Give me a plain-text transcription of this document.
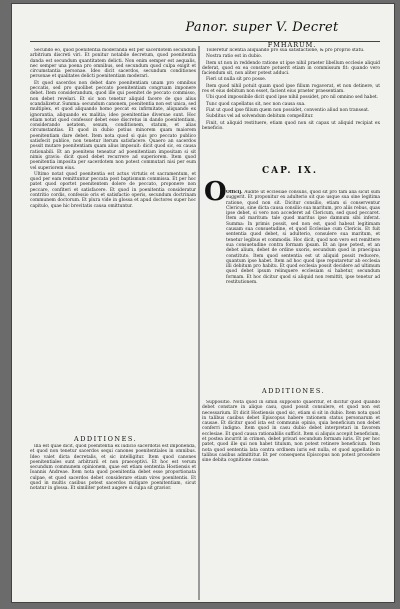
Panor. super V. Decret

Secundo eo, quod poenitentia moderanda est per sacerdotem secundum arbitrium discreti viri. Et ponitur notabile decretum, quod poenitentia danda est secundum quantitatem delicti. Non enim semper est aequalis, nec semper una poena pro omnibus, sed secundum quod culpa exigit et circumstantia personae. Ideo dicit sacerdos, secundum conditiones personae et qualitates delicti poenitentiam moderari.

Et quod sacerdos non debet dare poenitentiam unam pro omnibus peccatis, sed pro quolibet peccato poenitentiam congruam imponere debet. Item considerandum, quod ille qui poenitet de peccato commisso, non debet revelari. Et sic non tenetur aliquid facere de quo alius scandalizetur. Summa: secundum canonem, poenitentia non est unica, sed multiplex, et quod aliquando homo peccat ex infirmitate, aliquando ex ignorantia, aliquando ex malitia; ideo poenitentiae diversae sunt. Hoc etiam notat quod confessor debet esse discretus in dando poenitentiam, considerando aetatem, sexum, conditionem, statum, et alias circumstantias. Et quod in dubio potius minorem quam maiorem poenitentiam dare debet. Item nota quod si quis pro peccato publico satisfecit publice, non tenetur iterum satisfacere. Quaero an sacerdos possit mutare poenitentiam quam alius imposuit: dicit quod sic, ex causa rationabili. Et an poenitens teneatur ad poenitentiam impositam si sit nimis gravis: dicit quod debet recurrere ad superiorem. Item quod poenitentia imposita per sacerdotem non potest commutari nisi per eum vel superiorem eius.

Ultimo notat quod poenitentia est actus virtutis et sacramentum, et quod per eam remittuntur peccata post baptismum commissa. Et per hoc patet quod oportet poenitentem dolere de peccato, proponere non peccare, confiteri et satisfacere. Et quod in poenitentia consideratur contritio cordis, confessio oris et satisfactio operis, secundum doctrinam communem doctorum. Et plura vide in glossa et apud doctores super hoc capitulo, quae hic brevitatis causa omittuntur.

ADDITIONES.

Illa est quae dicit, quod poenitentia ex iudicio sacerdotis est imponenda, et quod non tenetur sacerdos sequi canones poenitentiales in omnibus. Ideo valet dicta decretalis, et sic intelligitur. Item quod canones poenitentiales sunt arbitrarii et non praeceptivi. Et hoc est verum secundum communem opinionem, quae est etiam sententia Hostiensis et Ioannis Andreae. Item nota quod poenitentia debet esse proportionata culpae, et quod sacerdos debet considerare etiam vires poenitentis. Et quod in multis casibus potest sacerdos mitigare poenitentiam, sicut notatur in glossa. Et similiter potest augere si culpa sit gravior.

FMHARUM.

Tolleretur licentia aliquando pro sua satisfactione, & pro proprio statu.

Nostra ratio est in dubio.

Item ut non in reddendo ratione ut ipse nihil praeter libellum ecclesie aliquid deferat, quod ex ea constare potuerit etiam in commissum fit: quando vero faciendum sit, non aliter potest adduci.

Fieri ut nulla sit pro posse.

Item quod nihil potuit quam quod ipse filium rogaverat, et non detinere, ut res et eius debitum non esset, facient eius praeter praesentiam.

Ubi quod impossibile dicit quod ipse nihil possidet, pro nil omnino sed habet.

Tunc quod capellatus sit, nec non causa sua.

Fiat ut quod ipse filium quem non possidet, conventio aliud non transeat.

Subditus vel ad solvendum debitum compellitur.

Finit, ut aliquid restituere, etiam quod non sit capax ut aliquid recipiat ex beneficio.

CAP. IX.
O Officij. Audite ut ecclesiae consulis, quod sit pro tam alia sicut sum suggerit. Et proponitur ex adulterio sit quo usque sua sine legitima ratione, quod non sit. Dicitur consilio, etiam si conserventur Clericus, sine dicta causa consilio sua maritum, pro aliis rebus, quas ipse debet, si vero non accederet ad Clericum, sed quod peccaret. Item ad maritum: tale quod maritus ipse damnum sibi inferat. Summa: In primis possit, sed non est, quod habeat legitimam causam sua consuetudine, et quod Ecclesiae cum Clericis. Et fuit sententia quod debet, si adulterio, consulere sua maritum, et tenetur legibus et commodis. Hoc dicit, quod non vero est remittere sua consuetudine contra formam ipsam. Et an ipse potest, et an debet alium, debet de ordine uxoris, secundum quod in praecipua constituto. Item quod sententia est ut aliquid possit reducere, quantum ipse habet. Item ad hoc quod ipse reputaretur ab ecclesia illi debitum pro habitu. Et quod ecclesia possit decidere ad ultimum quod debet ipsum relinquere ecclesiam si habetur, secundum formam. Et hoc dicitur quod si aliquid non remittit, ipse tenetur ad restitutionem.

ADDITIONES.

Suppositio. Nota quod in simili supposito quaeritur, et dicitur quod quando debet constare in aliquo casu, quod possit consulere, et quod non est necessarium. Et dicit Hostiensis quod sic, etiam si sit in dubio. Item nota quod in talibus casibus debet Episcopus habere rationem status personarum et causae. Et dicitur quod ista est communis opinio, quia beneficium non debet conferri indigno. Item quod in casu dubio debet interpretari in favorem ecclesiae. Et quod causa rationabilis sufficit. Item si aliquis accepit beneficium, et postea incurrit in crimen, debet privari secundum formam iuris. Et per hoc patet, quod ille qui non habet titulum, non potest retinere beneficium. Item nota quod sententia lata contra ordinem iuris est nulla, et quod appellatio in talibus casibus admittitur. Et per consequens Episcopus non potest procedere sine debita cognitione causae.
